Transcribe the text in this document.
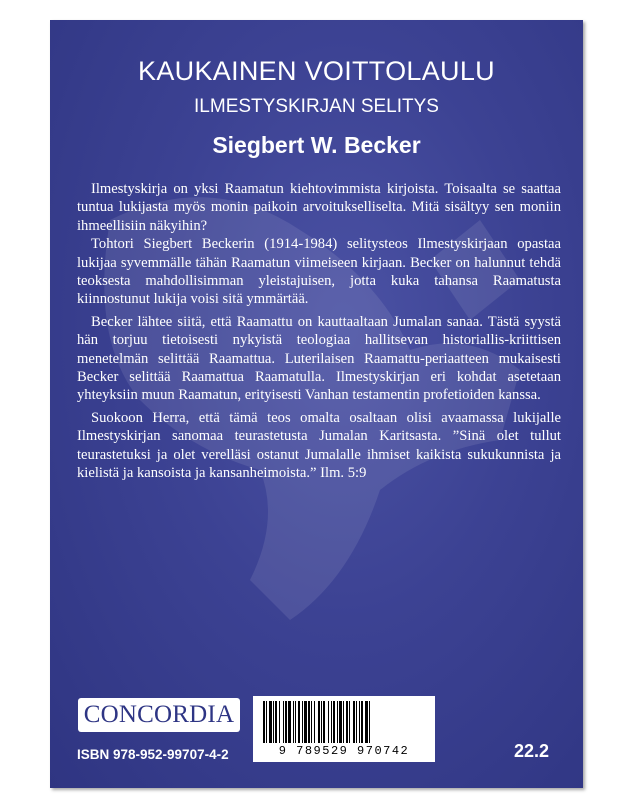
KAUKAINEN VOITTOLAULU
ILMESTYSKIRJAN SELITYS
Siegbert W. Becker

Ilmestyskirja on yksi Raamatun kiehtovimmista kirjoista. Toisaalta se saattaa tuntua lukijasta myös monin paikoin arvoitukselliselta. Mitä sisältyy sen moniin ihmeellisiin näkyihin?

Tohtori Siegbert Beckerin (1914-1984) selitysteos Ilmestyskirjaan opastaa lukijaa syvemmälle tähän Raamatun viimeiseen kirjaan. Becker on halunnut tehdä teoksesta mahdollisimman yleistajuisen, jotta kuka tahansa Raamatusta kiinnostunut lukija voisi sitä ymmärtää.

Becker lähtee siitä, että Raamattu on kauttaaltaan Jumalan sanaa. Tästä syystä hän torjuu tietoisesti nykyistä teologiaa hallitsevan historiallis-kriittisen menetelmän selittää Raamattua. Luterilaisen Raamattu-periaatteen mukaisesti Becker selittää Raamattua Raamatulla. Ilmestyskirjan eri kohdat asetetaan yhteyksiin muun Raamatun, erityisesti Vanhan testamentin profetioiden kanssa.

Suokoon Herra, että tämä teos omalta osaltaan olisi avaamassa lukijalle Ilmestyskirjan sanomaa teurastetusta Jumalan Karitsasta. ”Sinä olet tullut teurastetuksi ja olet verelläsi ostanut Jumalalle ihmiset kaikista sukukunnista ja kielistä ja kansoista ja kansanheimoista.” Ilm. 5:9

CONCORDIA
9 789529 970742
ISBN 978-952-99707-4-2	22.2
